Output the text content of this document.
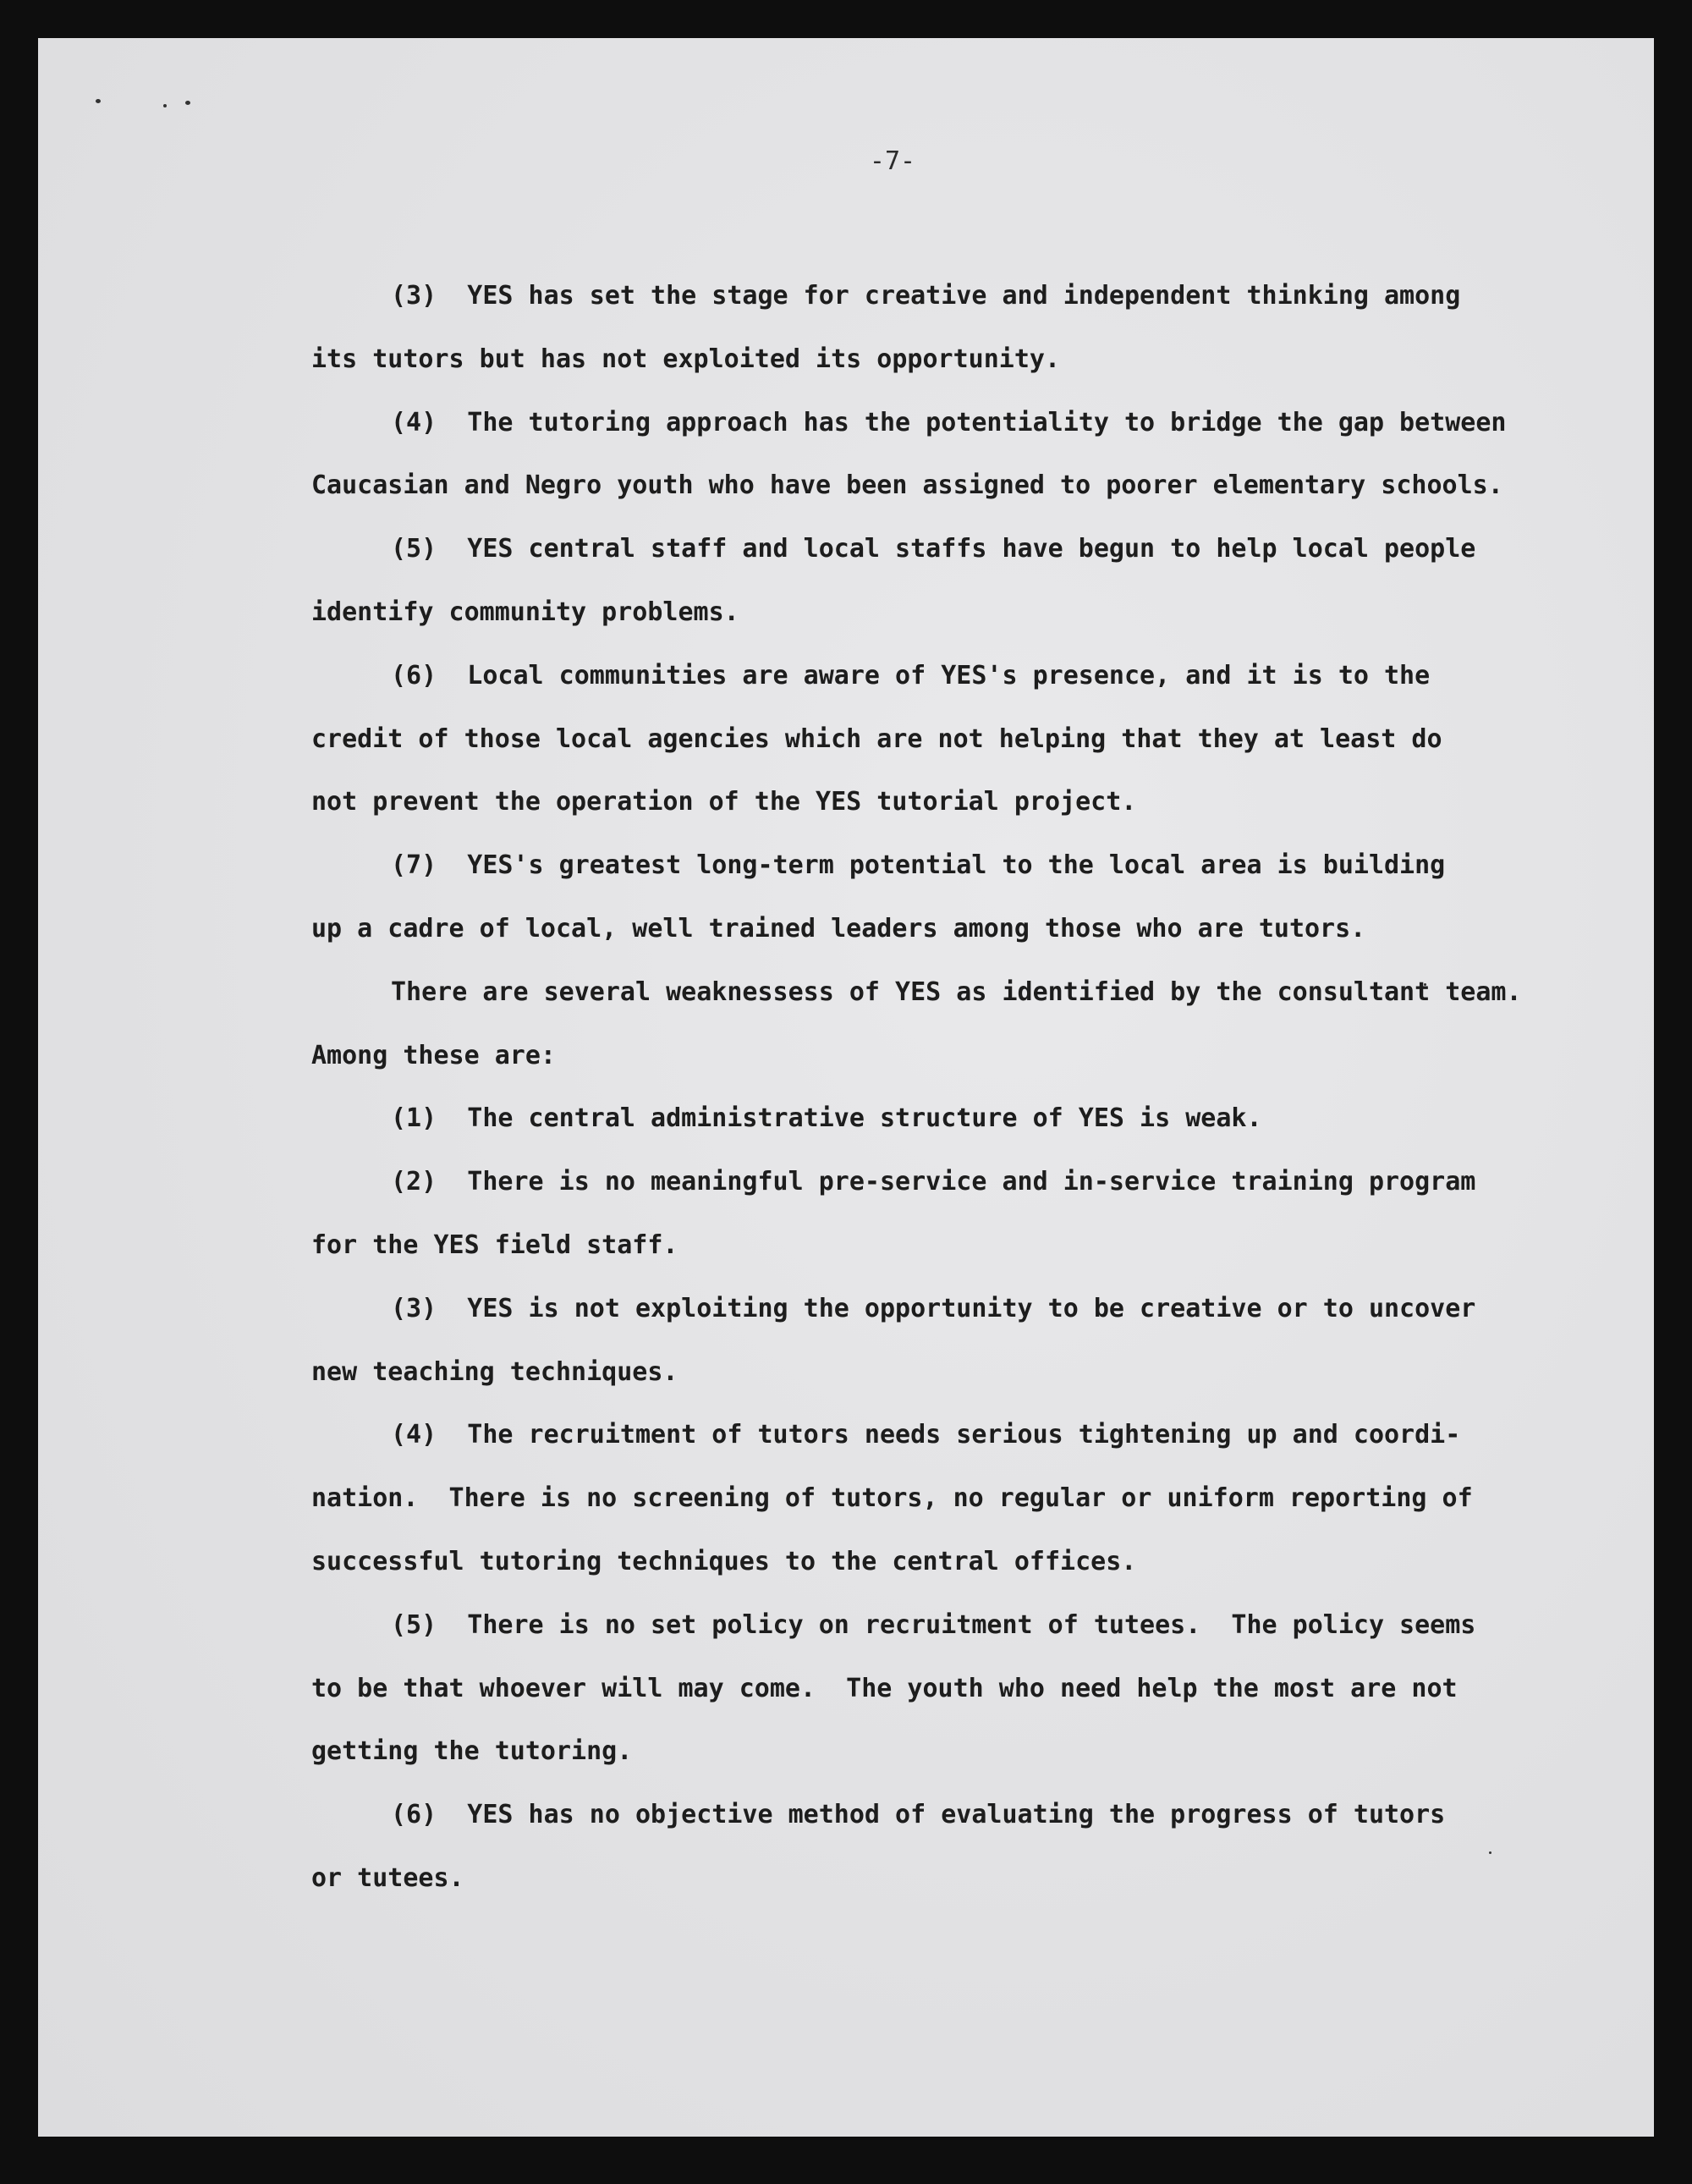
-7-

(3)  YES has set the stage for creative and independent thinking among
its tutors but has not exploited its opportunity.
(4)  The tutoring approach has the potentiality to bridge the gap between
Caucasian and Negro youth who have been assigned to poorer elementary schools.
(5)  YES central staff and local staffs have begun to help local people
identify community problems.
(6)  Local communities are aware of YES's presence, and it is to the
credit of those local agencies which are not helping that they at least do
not prevent the operation of the YES tutorial project.
(7)  YES's greatest long-term potential to the local area is building
up a cadre of local, well trained leaders among those who are tutors.
There are several weaknessess of YES as identified by the consultant team.
Among these are:
(1)  The central administrative structure of YES is weak.
(2)  There is no meaningful pre-service and in-service training program
for the YES field staff.
(3)  YES is not exploiting the opportunity to be creative or to uncover
new teaching techniques.
(4)  The recruitment of tutors needs serious tightening up and coordi-
nation.  There is no screening of tutors, no regular or uniform reporting of
successful tutoring techniques to the central offices.
(5)  There is no set policy on recruitment of tutees.  The policy seems
to be that whoever will may come.  The youth who need help the most are not
getting the tutoring.
(6)  YES has no objective method of evaluating the progress of tutors
or tutees.
